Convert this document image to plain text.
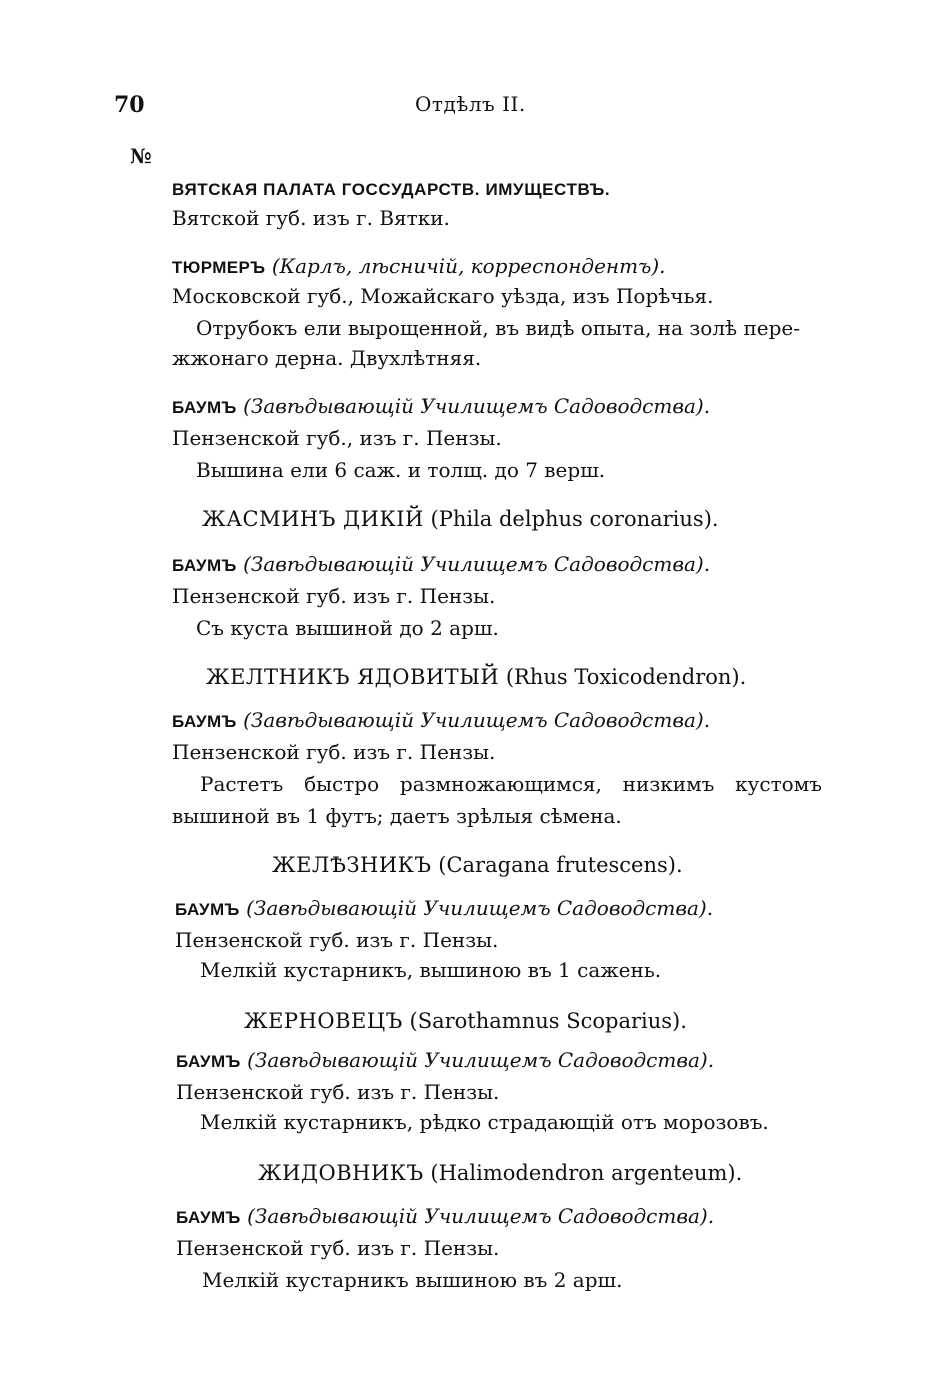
70	Отдѣлъ II.
№
ВЯТСКАЯ ПАЛАТА ГОССУДАРСТВ. ИМУЩЕСТВЪ.
Вятской губ. изъ г. Вятки.
ТЮРМЕРЪ (Карлъ, лѣсничій, корреспондентъ).
Московской губ., Можайскаго уѣзда, изъ Порѣчья.
Отрубокъ ели вырощенной, въ видѣ опыта, на золѣ пере-
жжонаго дерна. Двухлѣтняя.
БАУМЪ (Завѣдывающій Училищемъ Садоводства).
Пензенской губ., изъ г. Пензы.
Вышина ели 6 саж. и толщ. до 7 верш.
ЖАСМИНЪ ДИКІЙ (Phila delphus coronarius).
БАУМЪ (Завѣдывающій Училищемъ Садоводства).
Пензенской губ. изъ г. Пензы.
Съ куста вышиной до 2 арш.
ЖЕЛТНИКЪ ЯДОВИТЫЙ (Rhus Toxicodendron).
БАУМЪ (Завѣдывающій Училищемъ Садоводства).
Пензенской губ. изъ г. Пензы.
Растетъ быстро размножающимся, низкимъ кустомъ
вышиной въ 1 футъ; даетъ зрѣлыя сѣмена.
ЖЕЛѢЗНИКЪ (Caragana frutescens).
БАУМЪ (Завѣдывающій Училищемъ Садоводства).
Пензенской губ. изъ г. Пензы.
Мелкій кустарникъ, вышиною въ 1 сажень.
ЖЕРНОВЕЦЪ (Sarothamnus Scoparius).
БАУМЪ (Завѣдывающій Училищемъ Садоводства).
Пензенской губ. изъ г. Пензы.
Мелкій кустарникъ, рѣдко страдающій отъ морозовъ.
ЖИДОВНИКЪ (Halimodendron argenteum).
БАУМЪ (Завѣдывающій Училищемъ Садоводства).
Пензенской губ. изъ г. Пензы.
Мелкій кустарникъ вышиною въ 2 арш.
